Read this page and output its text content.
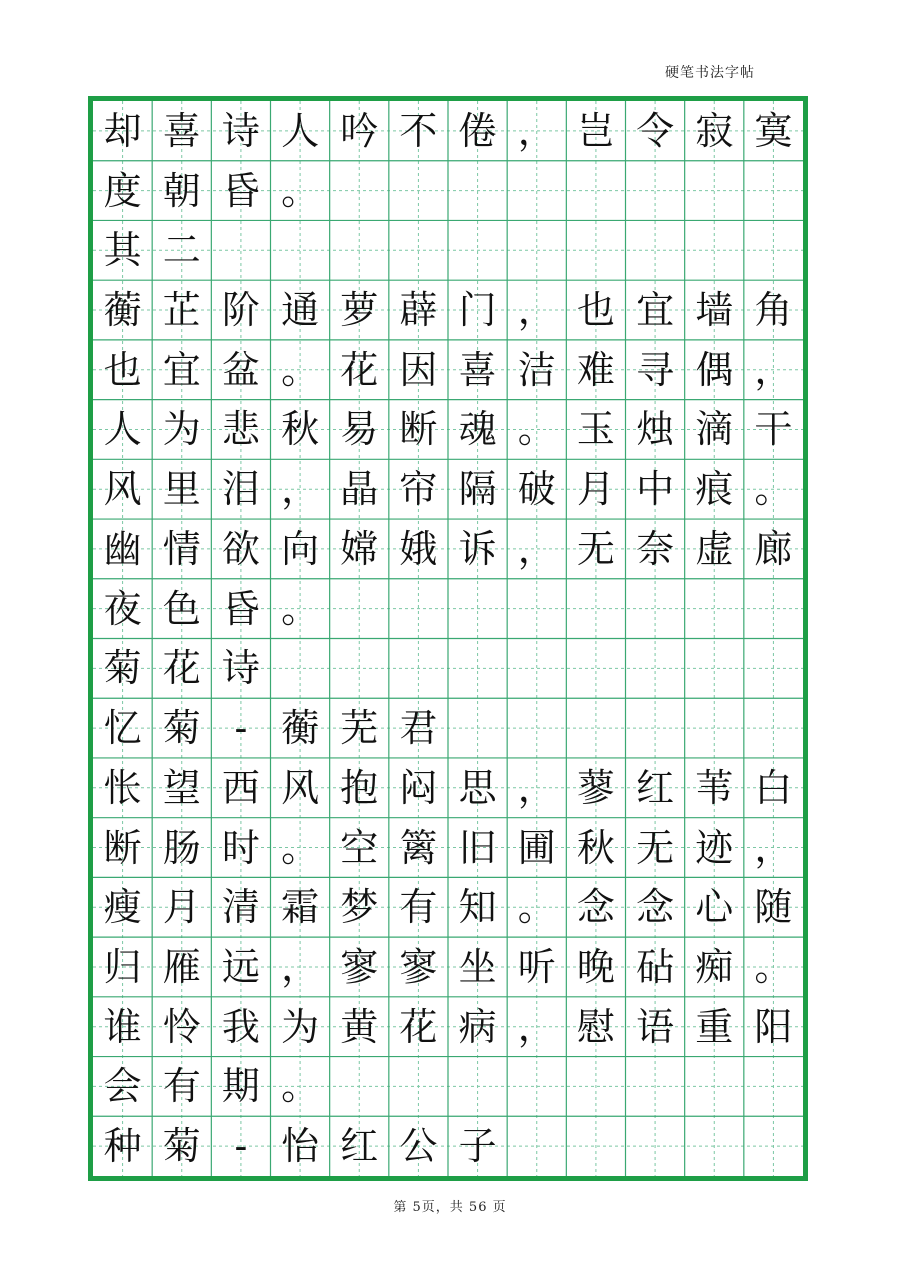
硬笔书法字帖
却 喜 诗 人 吟 不 倦 ， 岂 令 寂 寞
度 朝 昏 。
其 二
蘅 芷 阶 通 萝 薜 门 ， 也 宜 墙 角
也 宜 盆 。 花 因 喜 洁 难 寻 偶 ，
人 为 悲 秋 易 断 魂 。 玉 烛 滴 干
风 里 泪 ， 晶 帘 隔 破 月 中 痕 。
幽 情 欲 向 嫦 娥 诉 ， 无 奈 虚 廊
夜 色 昏 。
菊 花 诗
忆 菊 - 蘅 芜 君
怅 望 西 风 抱 闷 思 ， 蓼 红 苇 白
断 肠 时 。 空 篱 旧 圃 秋 无 迹 ，
瘦 月 清 霜 梦 有 知 。 念 念 心 随
归 雁 远 ， 寥 寥 坐 听 晚 砧 痴 。
谁 怜 我 为 黄 花 病 ， 慰 语 重 阳
会 有 期 。
种 菊 - 怡 红 公 子
第 5页，共 56 页
